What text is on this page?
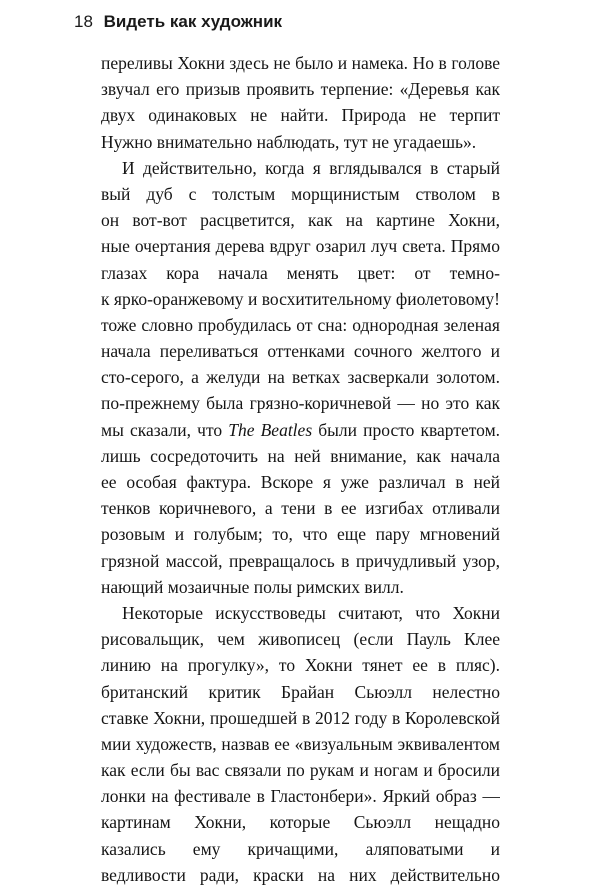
18 Видеть как художник
переливы Хокни здесь не было и намека. Но в голове
звучал его призыв проявить терпение: «Деревья как
двух одинаковых не найти. Природа не терпит
Нужно внимательно наблюдать, тут не угадаешь».
И действительно, когда я вглядывался в старый
вый дуб с толстым морщинистым стволом в
он вот-вот расцветится, как на картине Хокни,
ные очертания дерева вдруг озарил луч света. Прямо
глазах кора начала менять цвет: от темно-
к ярко-оранжевому и восхитительному фиолетовому!
тоже словно пробудилась от сна: однородная зеленая
начала переливаться оттенками сочного желтого и
сто-серого, а желуди на ветках засверкали золотом.
по-прежнему была грязно-коричневой — но это как
мы сказали, что The Beatles были просто квартетом.
лишь сосредоточить на ней внимание, как начала
ее особая фактура. Вскоре я уже различал в ней
тенков коричневого, а тени в ее изгибах отливали
розовым и голубым; то, что еще пару мгновений
грязной массой, превращалось в причудливый узор,
нающий мозаичные полы римских вилл.
Некоторые искусствоведы считают, что Хокни
рисовальщик, чем живописец (если Пауль Клее
линию на прогулку», то Хокни тянет ее в пляс).
британский критик Брайан Сьюэлл нелестно
ставке Хокни, прошедшей в 2012 году в Королевской
мии художеств, назвав ее «визуальным эквивалентом
как если бы вас связали по рукам и ногам и бросили
лонки на фестивале в Гластонбери». Яркий образ —
картинам Хокни, которые Сьюэлл нещадно
казались ему кричащими, аляповатыми и
ведливости ради, краски на них действительно
